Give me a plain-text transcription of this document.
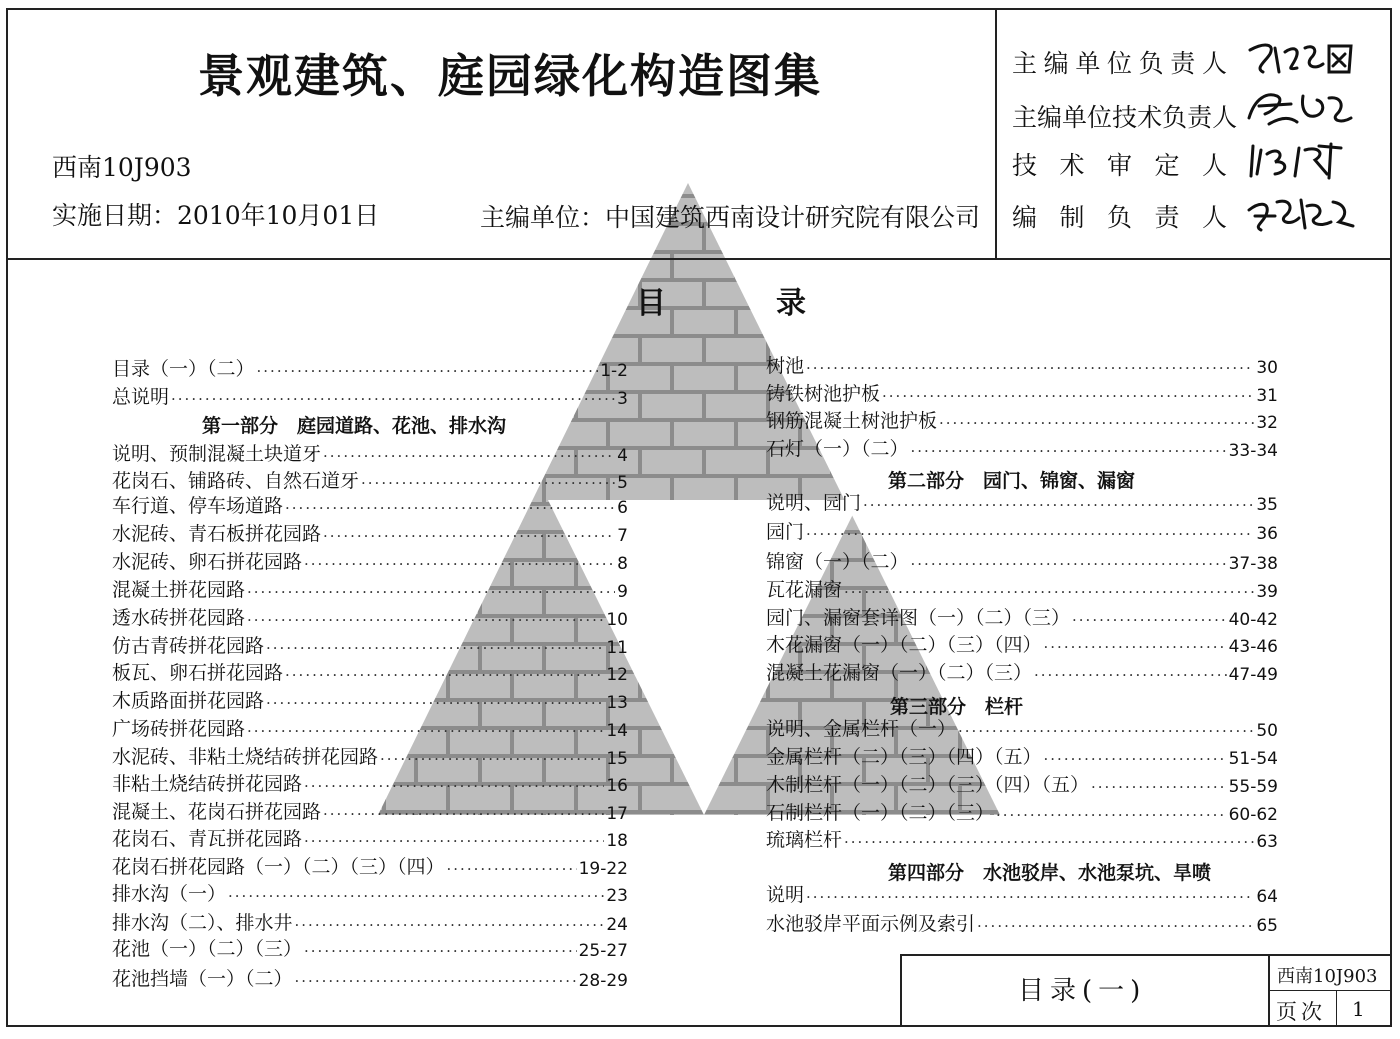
景观建筑、庭园绿化构造图集
西南10J903
实施日期：2010年10月01日	主编单位：中国建筑西南设计研究院有限公司
主 编 单 位 负 责 人
主 编 单 位 技 术 负 责 人
技 术 审 定 人
编 制 负 责 人
目	录
目录（一）（二） ·····	1-2
总说明 ·····	3
第一部分　庭园道路、花池、排水沟
说明、预制混凝土块道牙 ·····	4
花岗石、铺路砖、自然石道牙 ·····	5
车行道、停车场道路 ·····	6
水泥砖、青石板拼花园路 ·····	7
水泥砖、卵石拼花园路 ·····	8
混凝土拼花园路 ·····	9
透水砖拼花园路 ·····	10
仿古青砖拼花园路 ·····	11
板瓦、卵石拼花园路 ·····	12
木质路面拼花园路 ·····	13
广场砖拼花园路 ·····	14
水泥砖、非粘土烧结砖拼花园路 ·····	15
非粘土烧结砖拼花园路 ·····	16
混凝土、花岗石拼花园路 ·····	17
花岗石、青瓦拼花园路 ·····	18
花岗石拼花园路（一）（二）（三）（四） ·····	19-22
排水沟（一） ·····	23
排水沟（二）、排水井 ·····	24
花池（一）（二）（三） ·····	25-27
花池挡墙（一）（二） ·····	28-29
树池 ·····	30
铸铁树池护板 ·····	31
钢筋混凝土树池护板 ·····	32
石灯（一）（二） ·····	33-34
第二部分　园门、锦窗、漏窗
说明、园门 ·····	35
园门 ·····	36
锦窗（一）（二） ·····	37-38
瓦花漏窗 ·····	39
园门、漏窗套详图（一）（二）（三） ·····	40-42
木花漏窗（一）（二）（三）（四） ·····	43-46
混凝土花漏窗（一）（二）（三） ·····	47-49
第三部分　栏杆
说明、金属栏杆（一） ·····	50
金属栏杆（二）（三）（四）（五） ·····	51-54
木制栏杆（一）（二）（三）（四）（五） ·····	55-59
石制栏杆（一）（二）（三） ·····	60-62
琉璃栏杆 ·····	63
第四部分　水池驳岸、水池泵坑、旱喷
说明 ·····	64
水池驳岸平面示例及索引 ·····	65
目录(一)	西南10J903
页次 1
